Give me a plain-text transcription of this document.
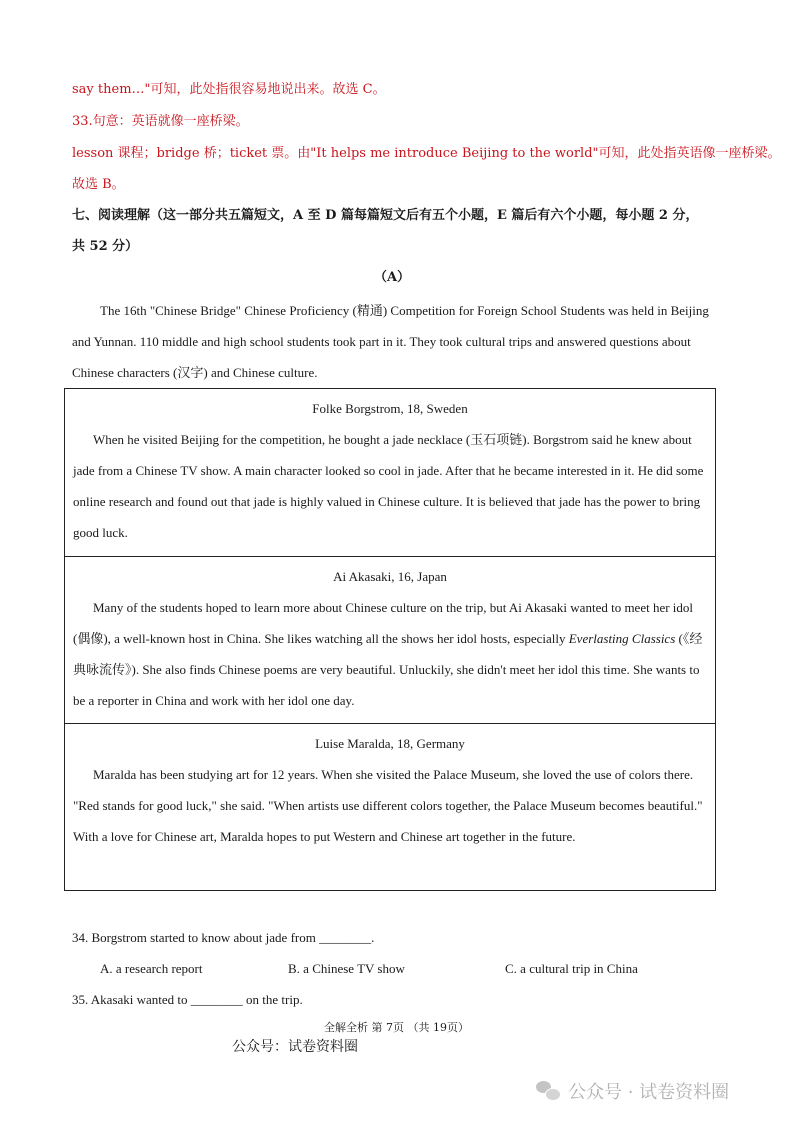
say them…"可知，此处指很容易地说出来。故选 C。
33.句意：英语就像一座桥梁。
lesson 课程；bridge 桥；ticket 票。由"It helps me introduce Beijing to the world"可知，此处指英语像一座桥梁。
故选 B。
七、阅读理解（这一部分共五篇短文，A 至 D 篇每篇短文后有五个小题，E 篇后有六个小题，每小题 2 分，
共 52 分）
（A）
The 16th "Chinese Bridge" Chinese Proficiency (精通) Competition for Foreign School Students was held in Beijing and Yunnan. 110 middle and high school students took part in it. They took cultural trips and answered questions about Chinese characters (汉字) and Chinese culture.
Folke Borgstrom, 18, Sweden
When he visited Beijing for the competition, he bought a jade necklace (玉石项链). Borgstrom said he knew about jade from a Chinese TV show. A main character looked so cool in jade. After that he became interested in it. He did some online research and found out that jade is highly valued in Chinese culture. It is believed that jade has the power to bring good luck.
Ai Akasaki, 16, Japan
Many of the students hoped to learn more about Chinese culture on the trip, but Ai Akasaki wanted to meet her idol (偶像), a well-known host in China. She likes watching all the shows her idol hosts, especially Everlasting Classics (《经典咏流传》). She also finds Chinese poems are very beautiful. Unluckily, she didn't meet her idol this time. She wants to be a reporter in China and work with her idol one day.
Luise Maralda, 18, Germany
Maralda has been studying art for 12 years. When she visited the Palace Museum, she loved the use of colors there. "Red stands for good luck," she said. "When artists use different colors together, the Palace Museum becomes beautiful." With a love for Chinese art, Maralda hopes to put Western and Chinese art together in the future.
34. Borgstrom started to know about jade from ________.
A. a research report	B. a Chinese TV show	C. a cultural trip in China
35. Akasaki wanted to ________ on the trip.
全解全析 第 7页 （共 19页）
公众号：试卷资料圈
公众号 · 试卷资料圈
